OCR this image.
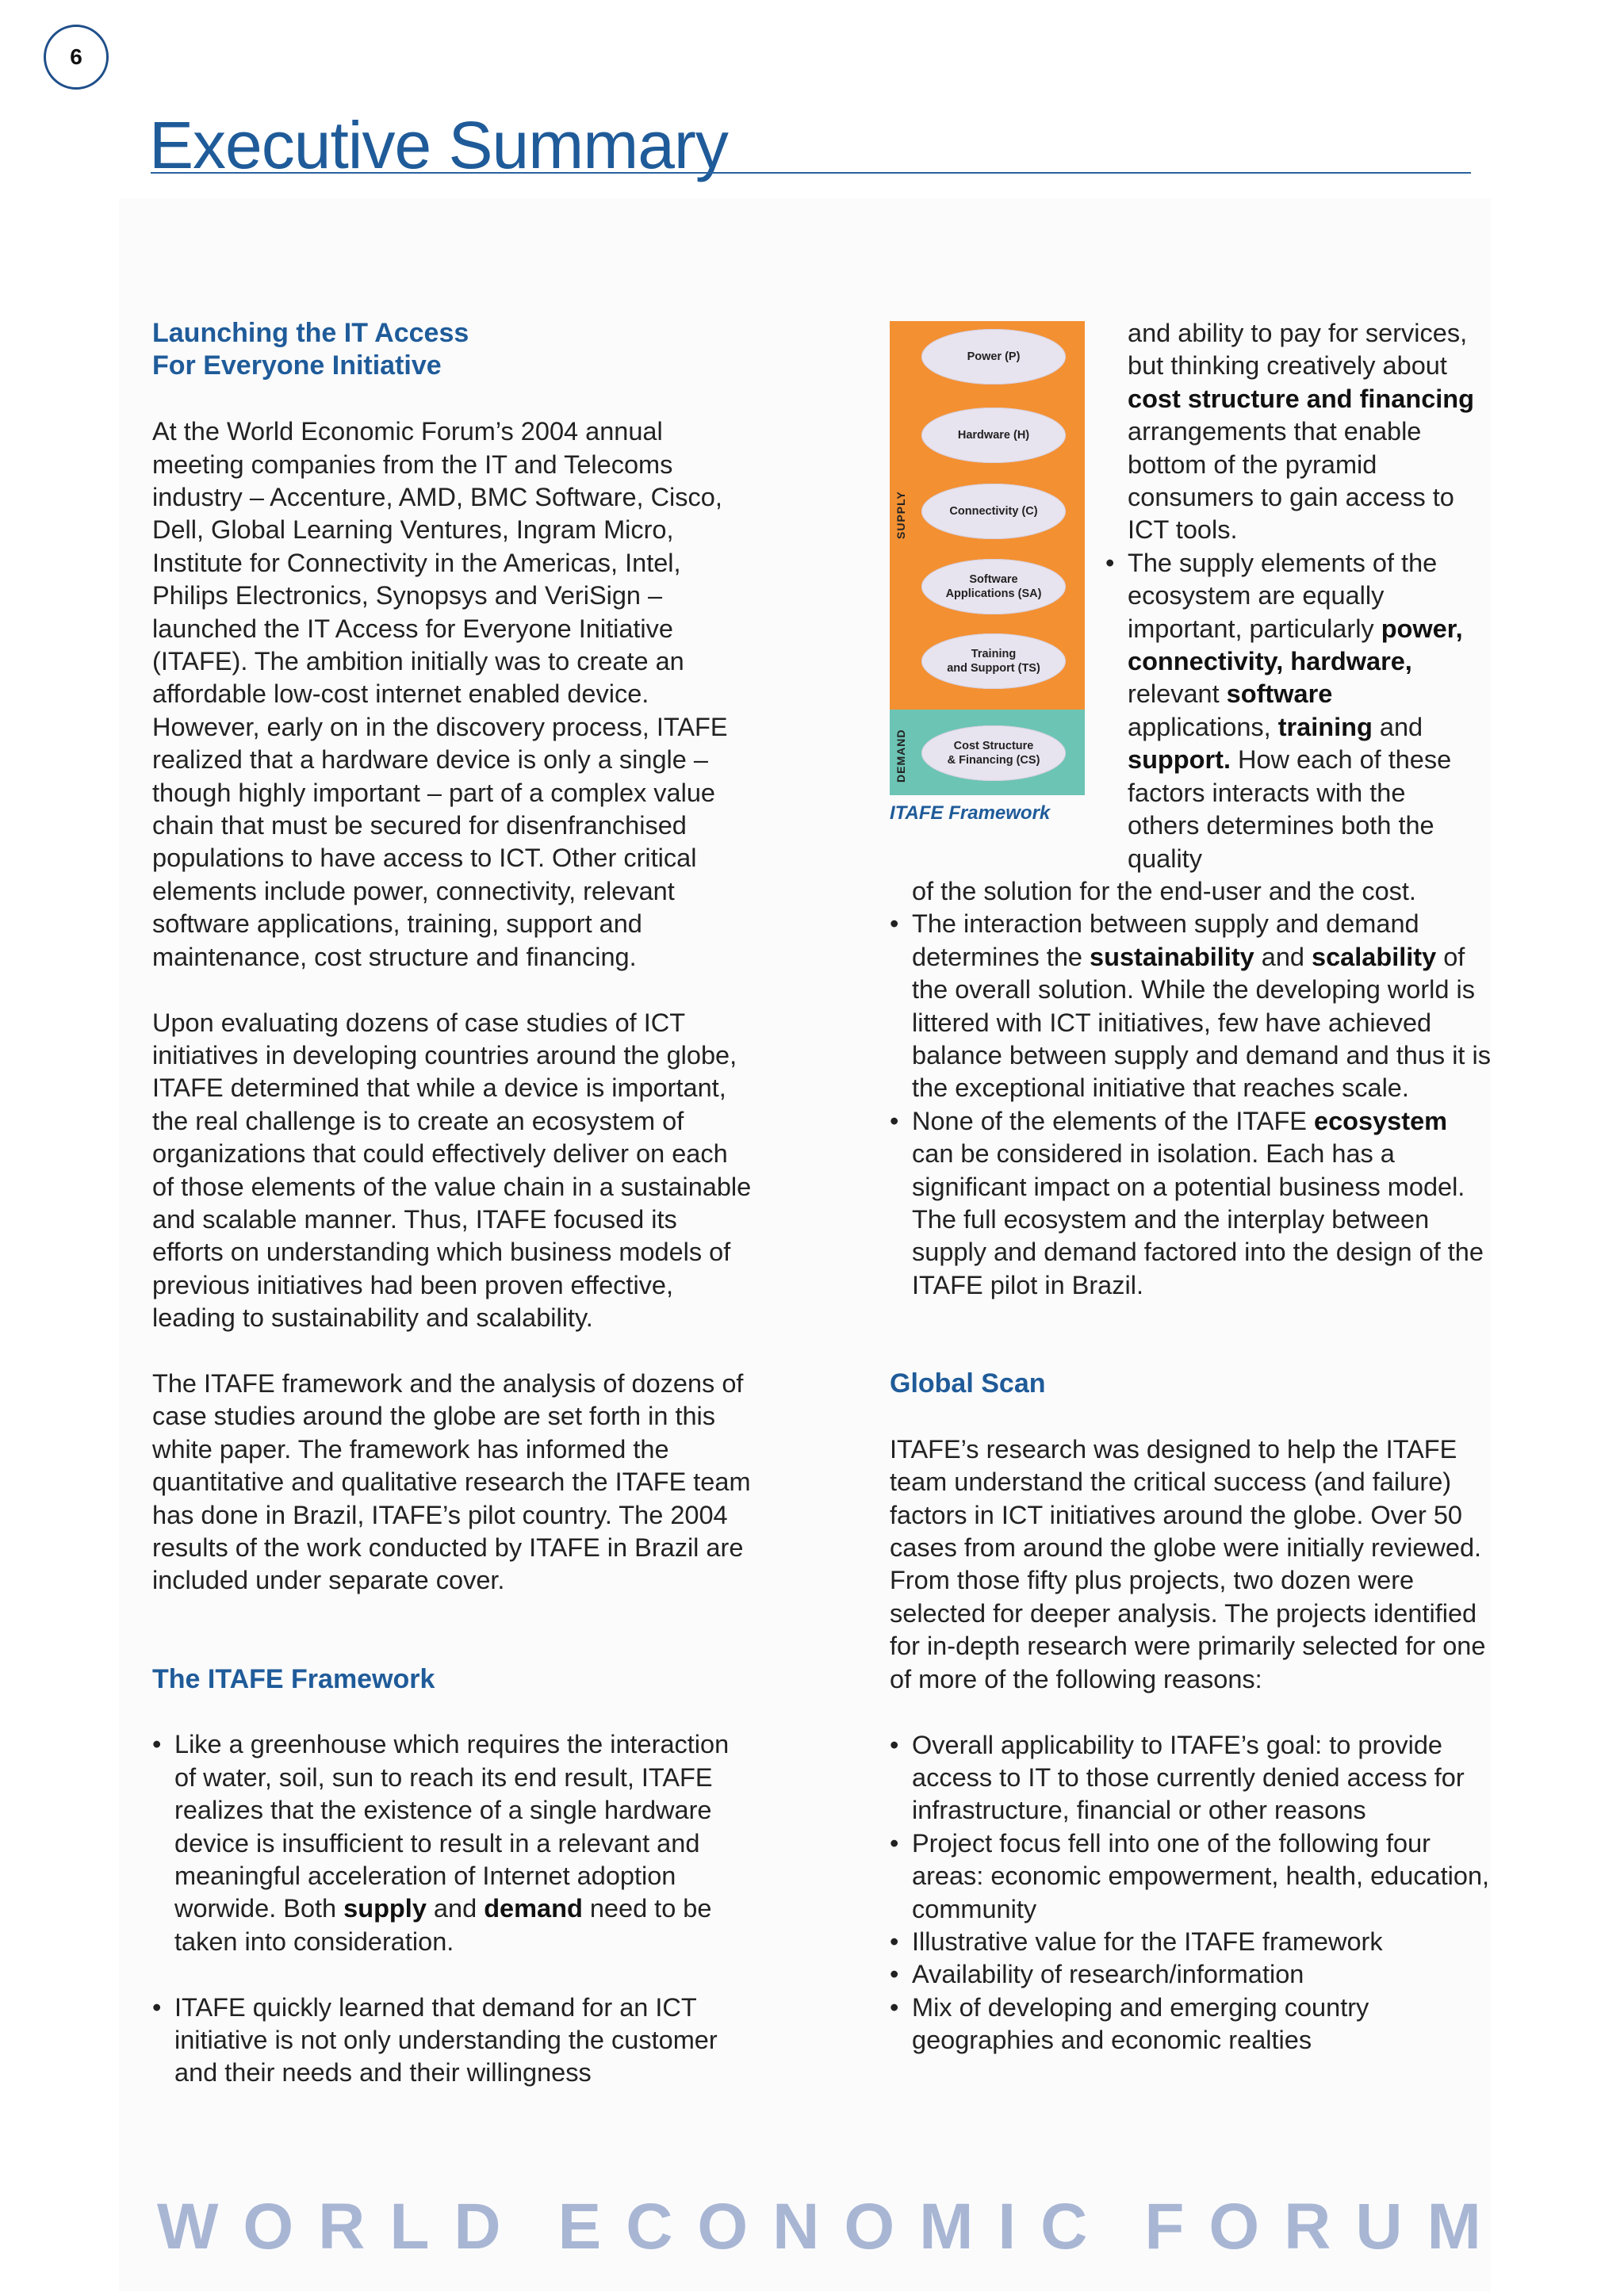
6
Executive Summary

Launching the IT Access
For Everyone Initiative

At the World Economic Forum’s 2004 annual meeting companies from the IT and Telecoms industry – Accenture, AMD, BMC Software, Cisco, Dell, Global Learning Ventures, Ingram Micro, Institute for Connectivity in the Americas, Intel, Philips Electronics, Synopsys and VeriSign – launched the IT Access for Everyone Initiative (ITAFE). The ambition initially was to create an affordable low-cost internet enabled device. However, early on in the discovery process, ITAFE realized that a hardware device is only a single – though highly important – part of a complex value chain that must be secured for disenfranchised populations to have access to ICT. Other critical elements include power, connectivity, relevant software applications, training, support and maintenance, cost structure and financing.

Upon evaluating dozens of case studies of ICT initiatives in developing countries around the globe, ITAFE determined that while a device is important, the real challenge is to create an ecosystem of organizations that could effectively deliver on each of those elements of the value chain in a sustainable and scalable manner. Thus, ITAFE focused its efforts on understanding which business models of previous initiatives had been proven effective, leading to sustainability and scalability.

The ITAFE framework and the analysis of dozens of case studies around the globe are set forth in this white paper. The framework has informed the quantitative and qualitative research the ITAFE team has done in Brazil, ITAFE’s pilot country. The 2004 results of the work conducted by ITAFE in Brazil are included under separate cover.

The ITAFE Framework

• Like a greenhouse which requires the interaction of water, soil, sun to reach its end result, ITAFE realizes that the existence of a single hardware device is insufficient to result in a relevant and meaningful acceleration of Internet adoption worwide. Both supply and demand need to be taken into consideration.
• ITAFE quickly learned that demand for an ICT initiative is not only understanding the customer and their needs and their willingness
SUPPLY
DEMAND
Power (P)
Hardware (H)
Connectivity (C)
Software
Applications (SA)
Training
and Support (TS)
Cost Structure
& Financing (CS)
ITAFE Framework

and ability to pay for services, but thinking creatively about cost structure and financing arrangements that enable bottom of the pyramid consumers to gain access to ICT tools.

• The supply elements of the ecosystem are equally important, particularly power, connectivity, hardware, relevant software applications, training and support. How each of these factors interacts with the others determines both the quality

of the solution for the end-user and the cost.

• The interaction between supply and demand determines the sustainability and scalability of the overall solution. While the developing world is littered with ICT initiatives, few have achieved balance between supply and demand and thus it is the exceptional initiative that reaches scale.
• None of the elements of the ITAFE ecosystem can be considered in isolation. Each has a significant impact on a potential business model. The full ecosystem and the interplay between supply and demand factored into the design of the ITAFE pilot in Brazil.

Global Scan

ITAFE’s research was designed to help the ITAFE team understand the critical success (and failure) factors in ICT initiatives around the globe. Over 50 cases from around the globe were initially reviewed. From those fifty plus projects, two dozen were selected for deeper analysis. The projects identified for in-depth research were primarily selected for one of more of the following reasons:

• Overall applicability to ITAFE’s goal: to provide access to IT to those currently denied access for infrastructure, financial or other reasons
• Project focus fell into one of the following four areas: economic empowerment, health, education, community
• Illustrative value for the ITAFE framework
• Availability of research/information
• Mix of developing and emerging country geographies and economic realties
W O R L D E C O N O M I C F O R U M
